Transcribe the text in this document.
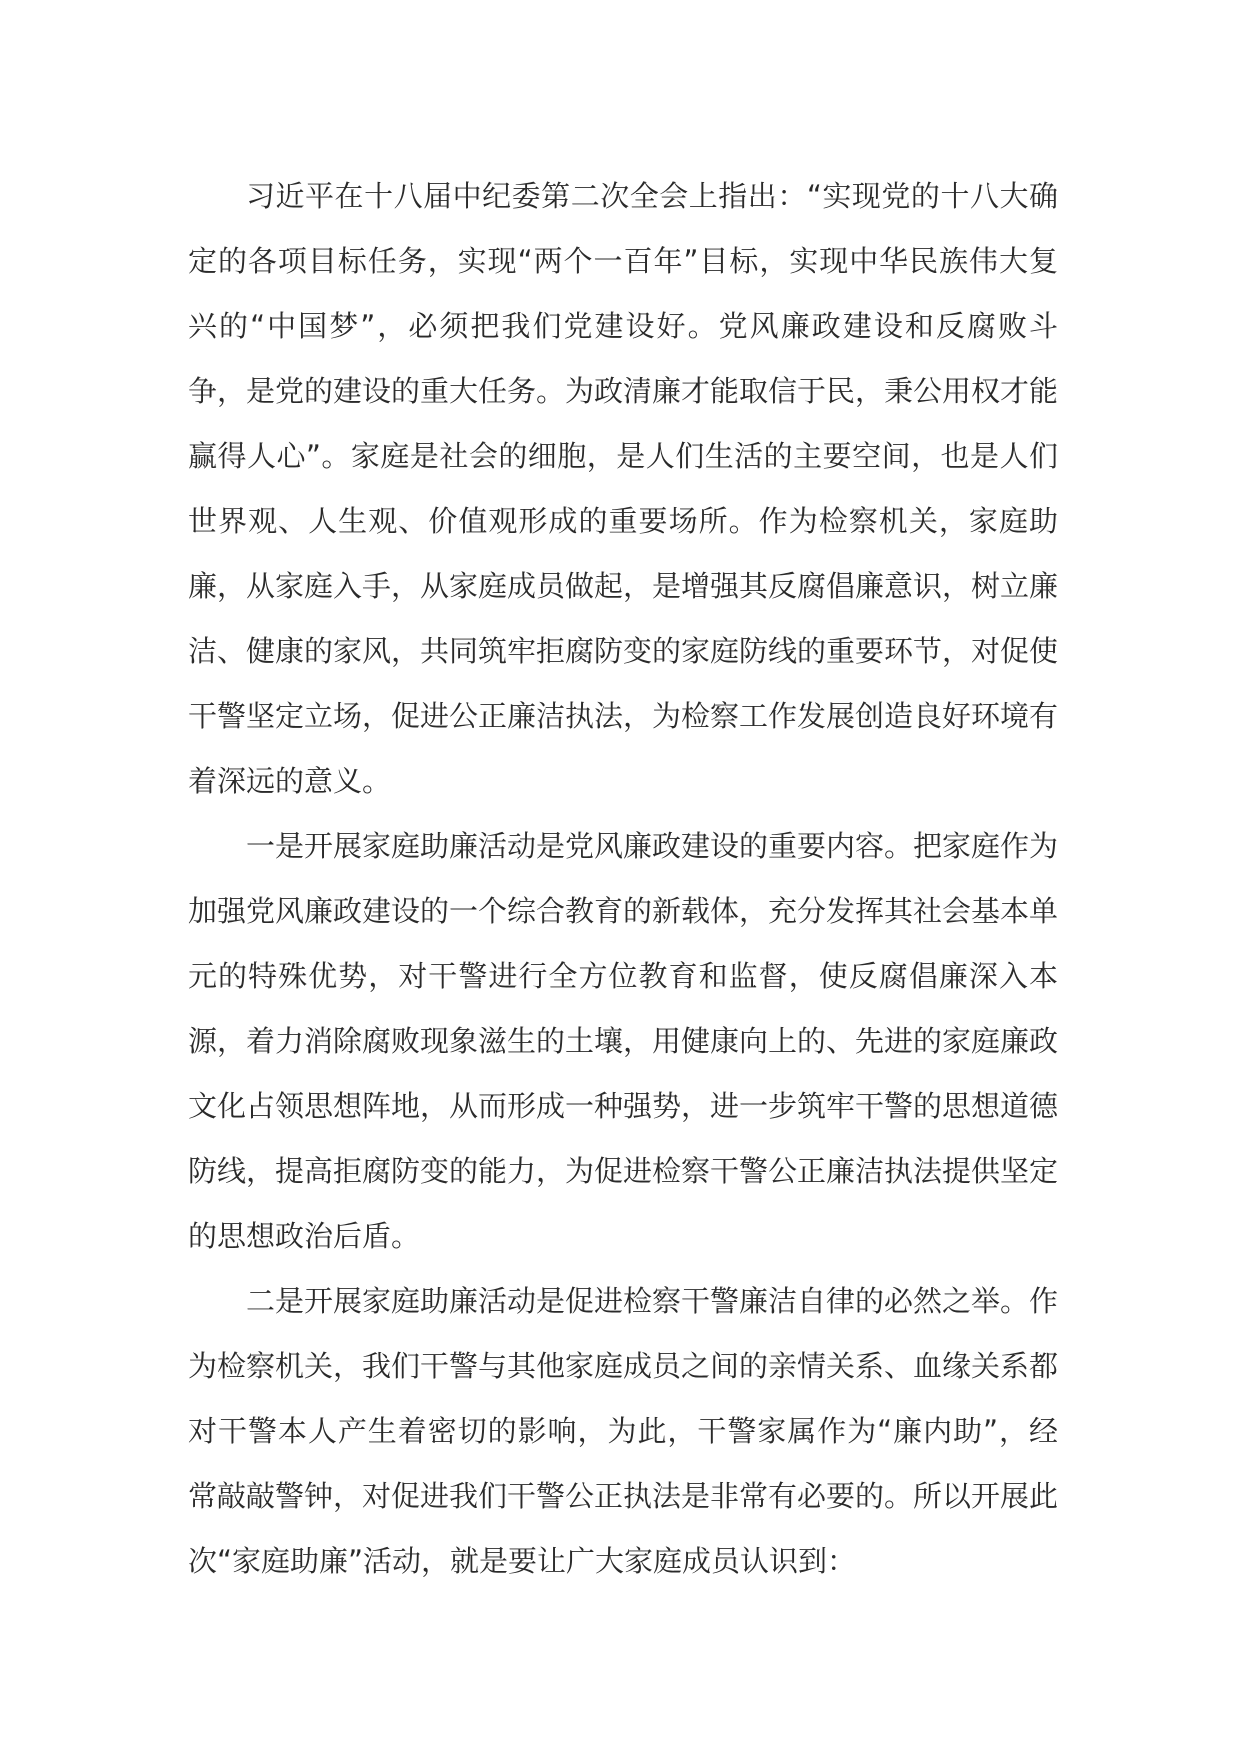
习近平在十八届中纪委第二次全会上指出：“实现党的十八大确定的各项目标任务，实现“两个一百年”目标，实现中华民族伟大复兴的“中国梦”，必须把我们党建设好。党风廉政建设和反腐败斗争，是党的建设的重大任务。为政清廉才能取信于民，秉公用权才能赢得人心”。家庭是社会的细胞，是人们生活的主要空间，也是人们世界观、人生观、价值观形成的重要场所。作为检察机关，家庭助廉，从家庭入手，从家庭成员做起，是增强其反腐倡廉意识，树立廉洁、健康的家风，共同筑牢拒腐防变的家庭防线的重要环节，对促使干警坚定立场，促进公正廉洁执法，为检察工作发展创造良好环境有着深远的意义。

一是开展家庭助廉活动是党风廉政建设的重要内容。把家庭作为加强党风廉政建设的一个综合教育的新载体，充分发挥其社会基本单元的特殊优势，对干警进行全方位教育和监督，使反腐倡廉深入本源，着力消除腐败现象滋生的土壤，用健康向上的、先进的家庭廉政文化占领思想阵地，从而形成一种强势，进一步筑牢干警的思想道德防线，提高拒腐防变的能力，为促进检察干警公正廉洁执法提供坚定的思想政治后盾。

二是开展家庭助廉活动是促进检察干警廉洁自律的必然之举。作为检察机关，我们干警与其他家庭成员之间的亲情关系、血缘关系都对干警本人产生着密切的影响，为此，干警家属作为“廉内助”，经常敲敲警钟，对促进我们干警公正执法是非常有必要的。所以开展此次“家庭助廉”活动，就是要让广大家庭成员认识到：
